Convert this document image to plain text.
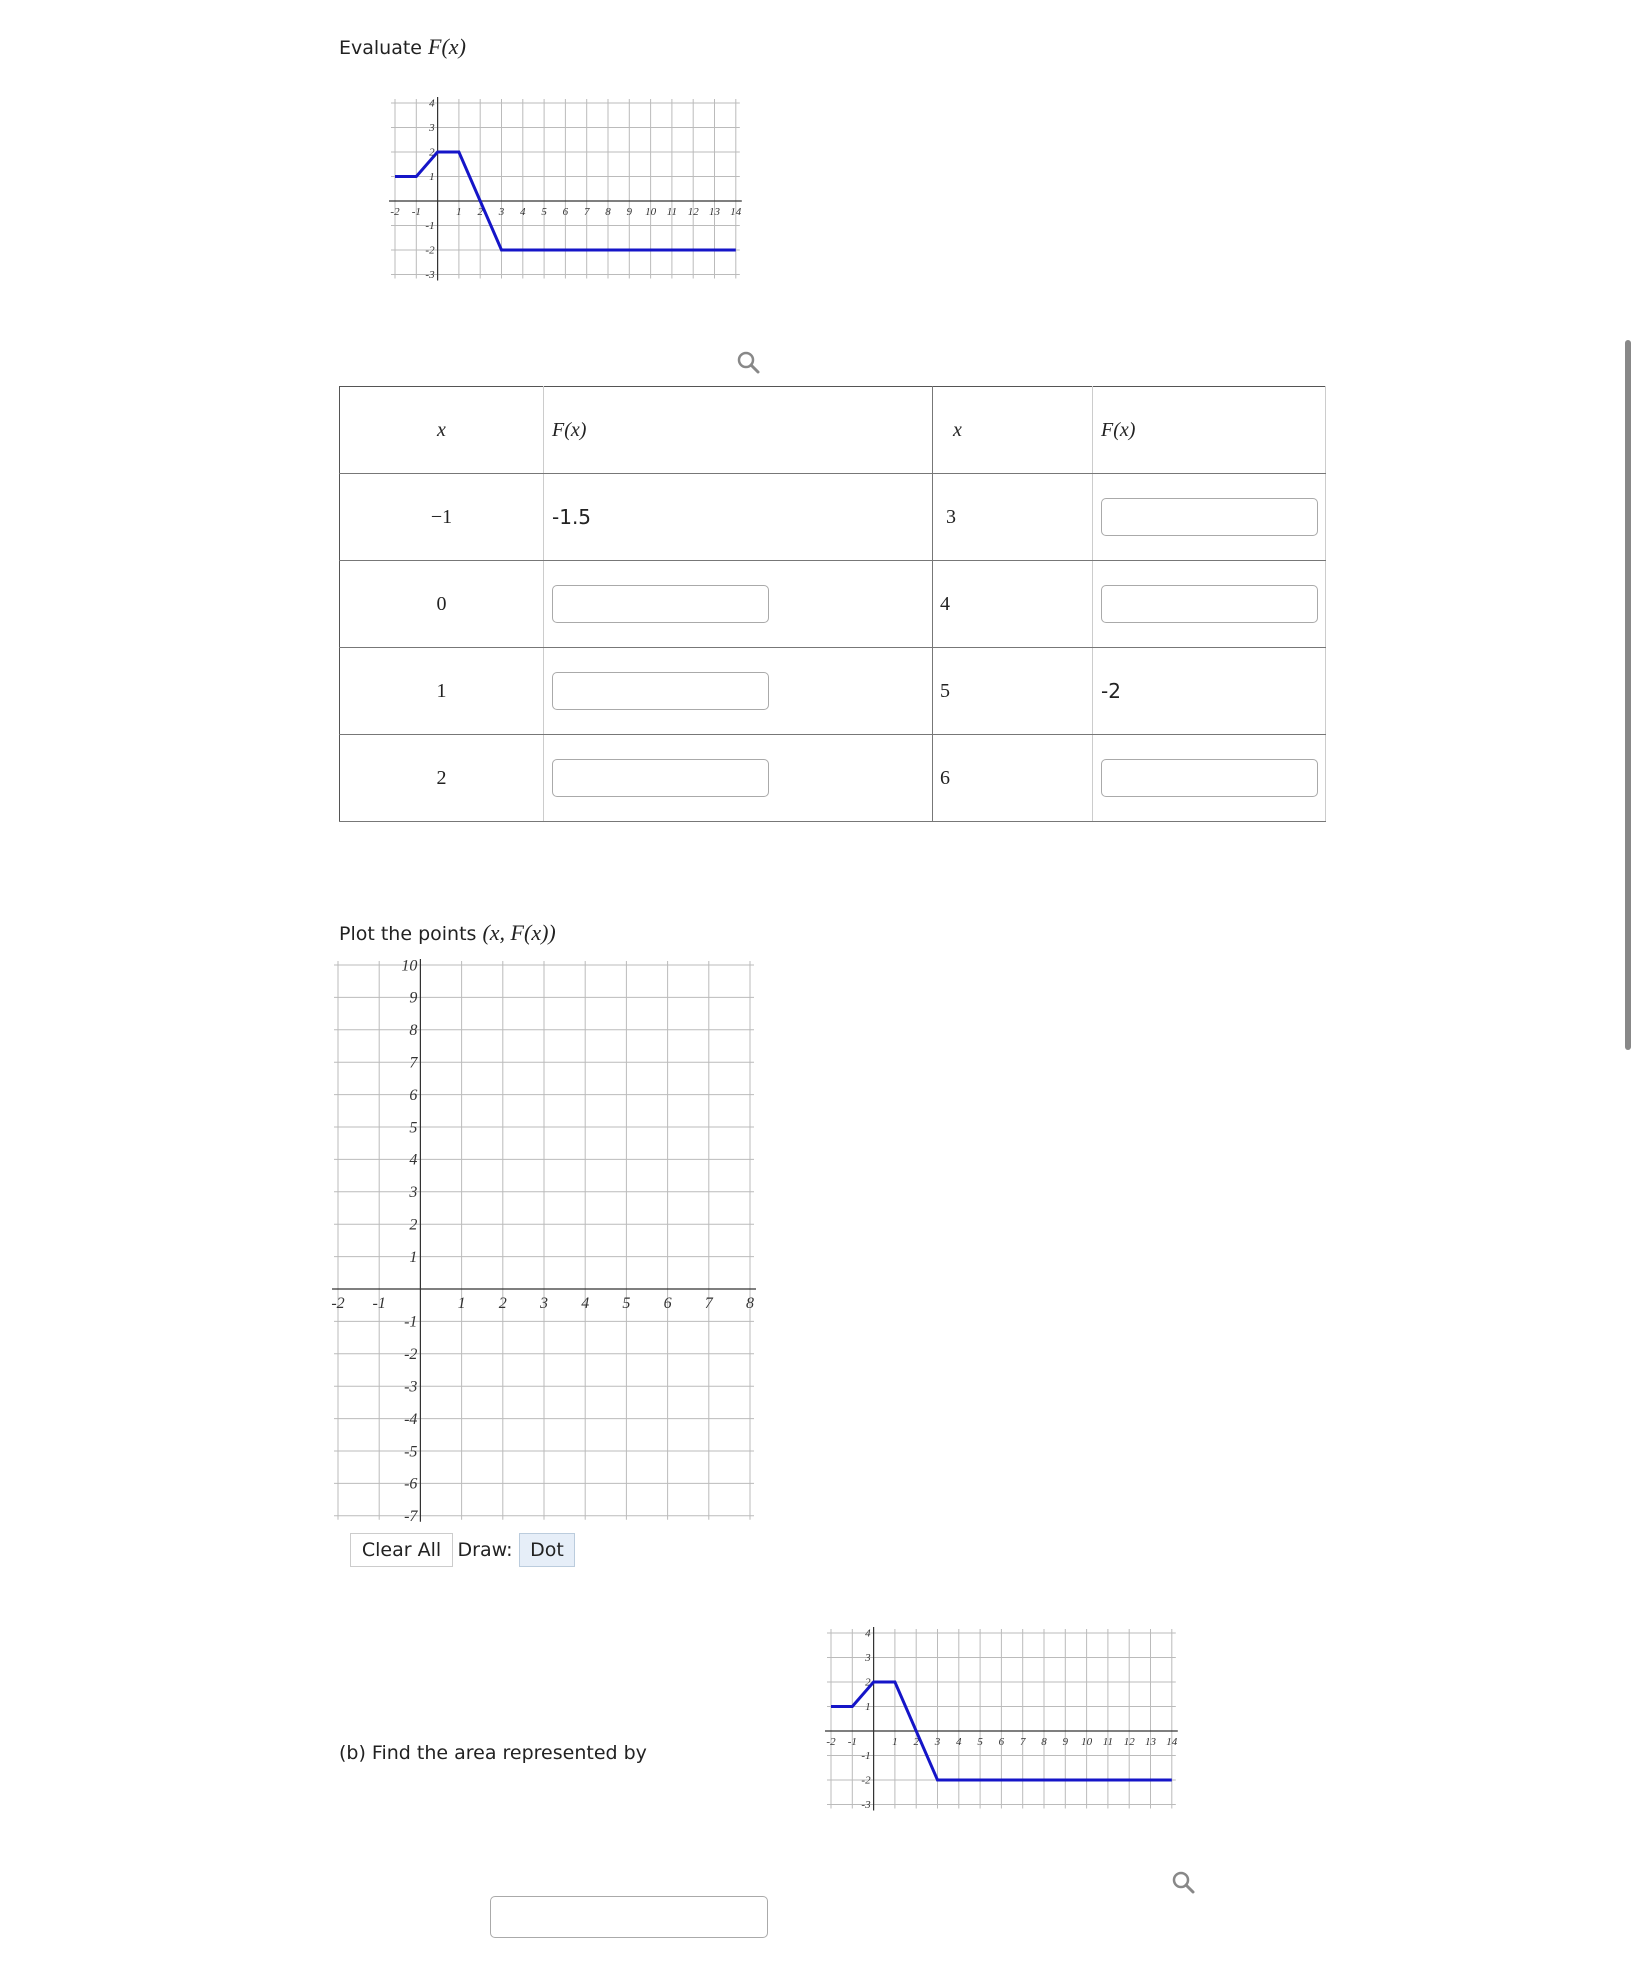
Evaluate F(x)
-2 -1	1 2 3 4 5 6 7 8 9 10 11 12 13 14
4
3
2
1
-1
-2
-3
x	F(x)	x	F(x)
−1	-1.5	3	

0		4	

1		5	-2
2		6	
Plot the points (x, F(x))
-2 -1	1 2 3 4 5 6 7 8
10
9
8
7
6
5
4
3
2
1
-1
-2
-3
-4
-5
-6
-7
Clear All Draw: Dot
(b) Find the area represented by	-2 -1	1 2 3 4 5 6 7 8 9 10 11 12 13 14
4
3
2
1
-1
-2
-3
